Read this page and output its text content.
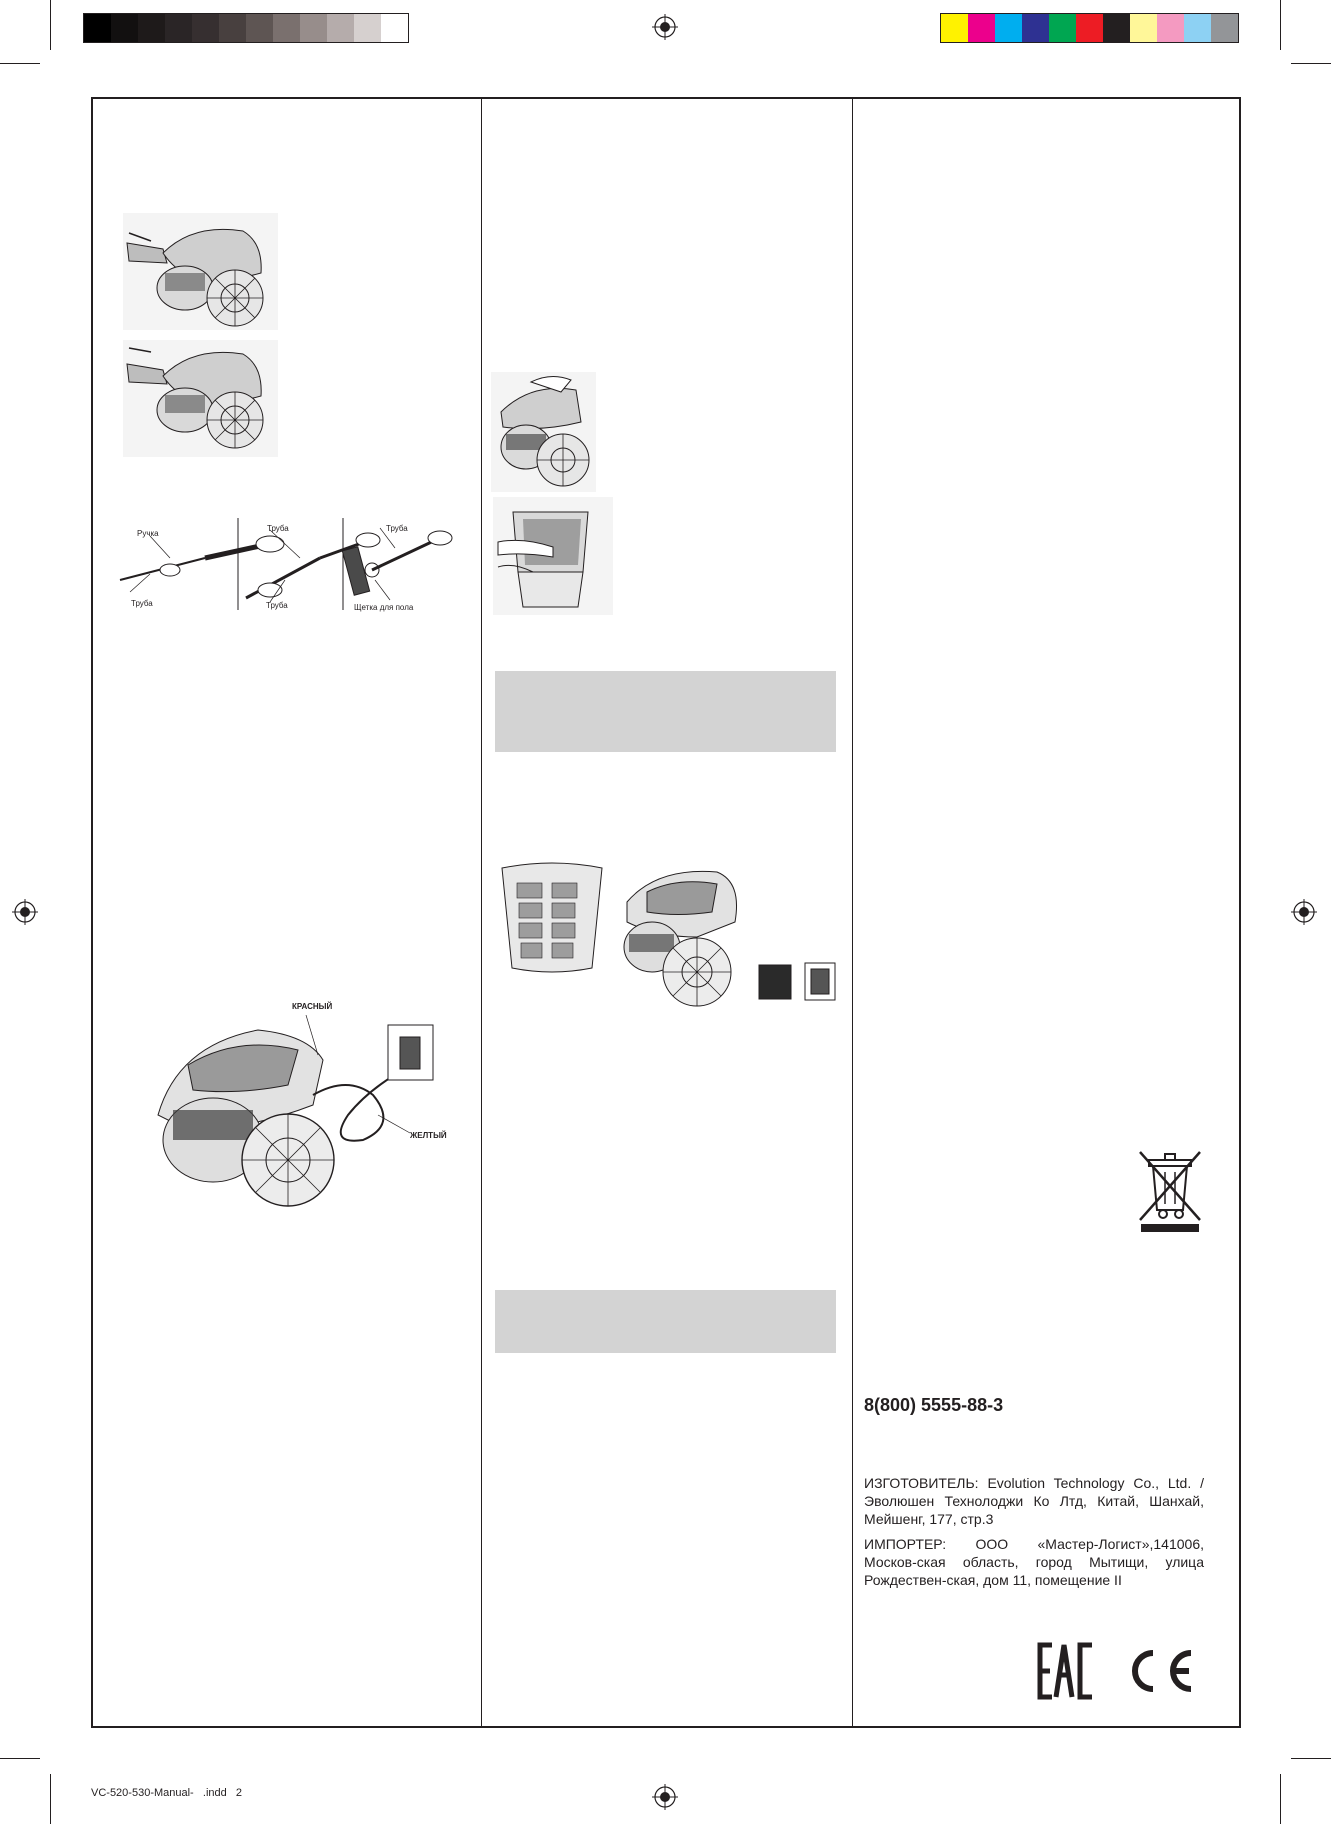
Ручка
Труба
Труба
Труба
Труба
Щетка для пола
КРАСНЫЙ
ЖЕЛТЫЙ
8(800) 5555-88-3
ИЗГОТОВИТЕЛЬ: Evolution Technology Co., Ltd. / Эволюшен Технолоджи Ко Лтд, Китай, Шанхай, Мейшенг, 177, стр.3
ИМПОРТЕР: ООО «Мастер-Логист»,141006, Москов-ская область, город Мытищи, улица Рождествен-ская, дом 11, помещение II
VC-520-530-Manual-   .indd   2
